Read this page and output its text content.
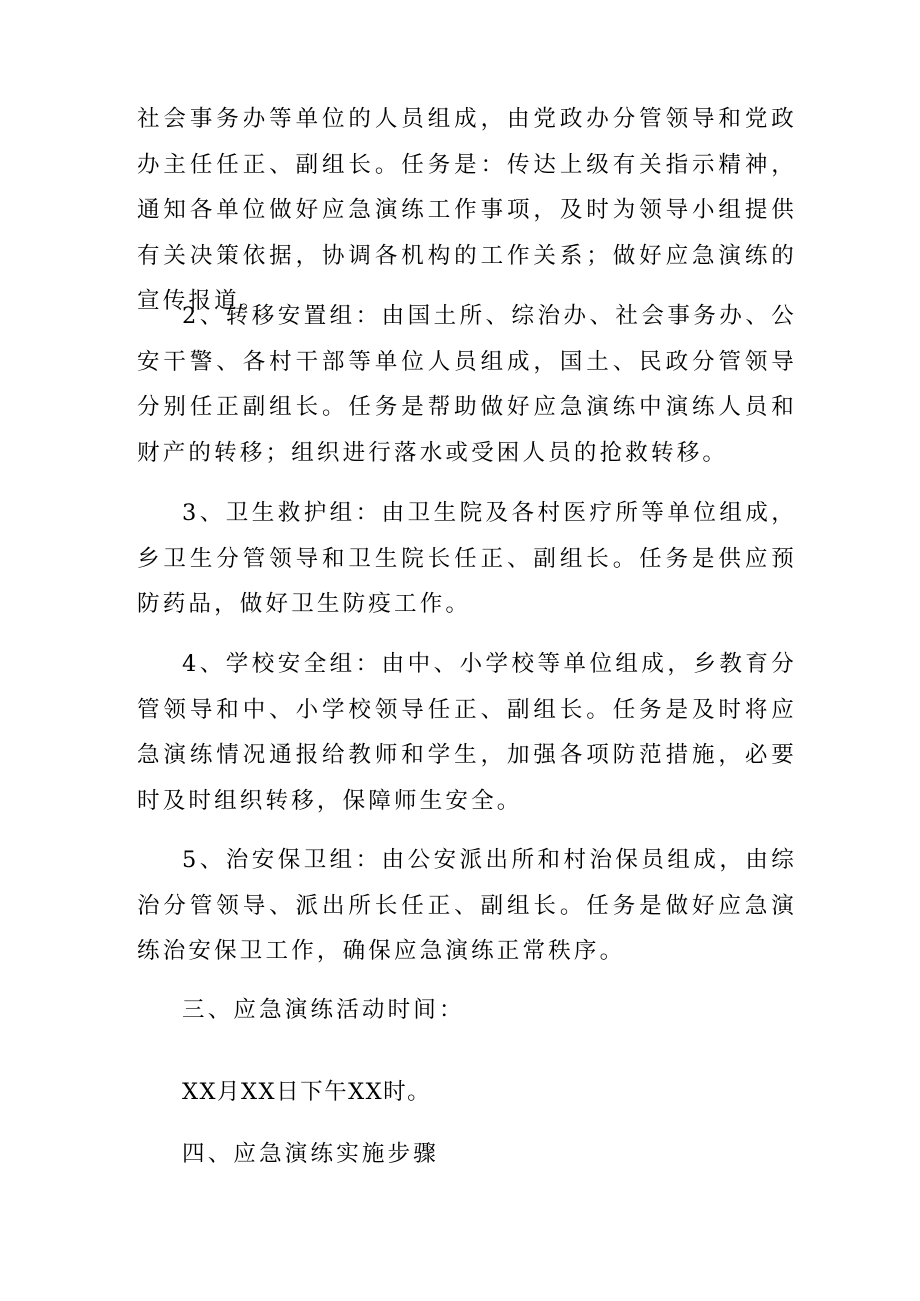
社会事务办等单位的人员组成，由党政办分管领导和党政办主任任正、副组长。任务是：传达上级有关指示精神，通知各单位做好应急演练工作事项，及时为领导小组提供有关决策依据，协调各机构的工作关系；做好应急演练的宣传报道。

2、转移安置组：由国土所、综治办、社会事务办、公安干警、各村干部等单位人员组成，国土、民政分管领导分别任正副组长。任务是帮助做好应急演练中演练人员和财产的转移；组织进行落水或受困人员的抢救转移。

3、卫生救护组：由卫生院及各村医疗所等单位组成，乡卫生分管领导和卫生院长任正、副组长。任务是供应预防药品，做好卫生防疫工作。

4、学校安全组：由中、小学校等单位组成，乡教育分管领导和中、小学校领导任正、副组长。任务是及时将应急演练情况通报给教师和学生，加强各项防范措施，必要时及时组织转移，保障师生安全。

5、治安保卫组：由公安派出所和村治保员组成，由综治分管领导、派出所长任正、副组长。任务是做好应急演练治安保卫工作，确保应急演练正常秩序。

三、应急演练活动时间：

XX月XX日下午XX时。

四、应急演练实施步骤
